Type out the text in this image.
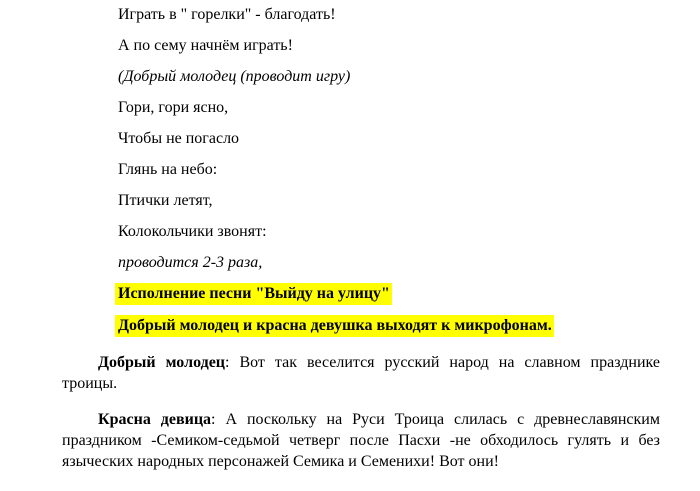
Играть в " горелки" - благодать!

А по сему начнём играть!

(Добрый молодец (проводит игру)

Гори, гори ясно,

Чтобы не погасло

Глянь на небо:

Птички летят,

Колокольчики звонят:

проводится 2-3 раза,

Исполнение песни "Выйду на улицу"

Добрый молодец и красна девушка выходят к микрофонам.

Добрый молодец: Вот так веселится русский народ на славном празднике троицы.

Красна девица: А поскольку на Руси Троица слилась с древнеславянским праздником -Семиком-седьмой четверг после Пасхи -не обходилось гулять и без языческих народных персонажей Семика и Семенихи! Вот они!
